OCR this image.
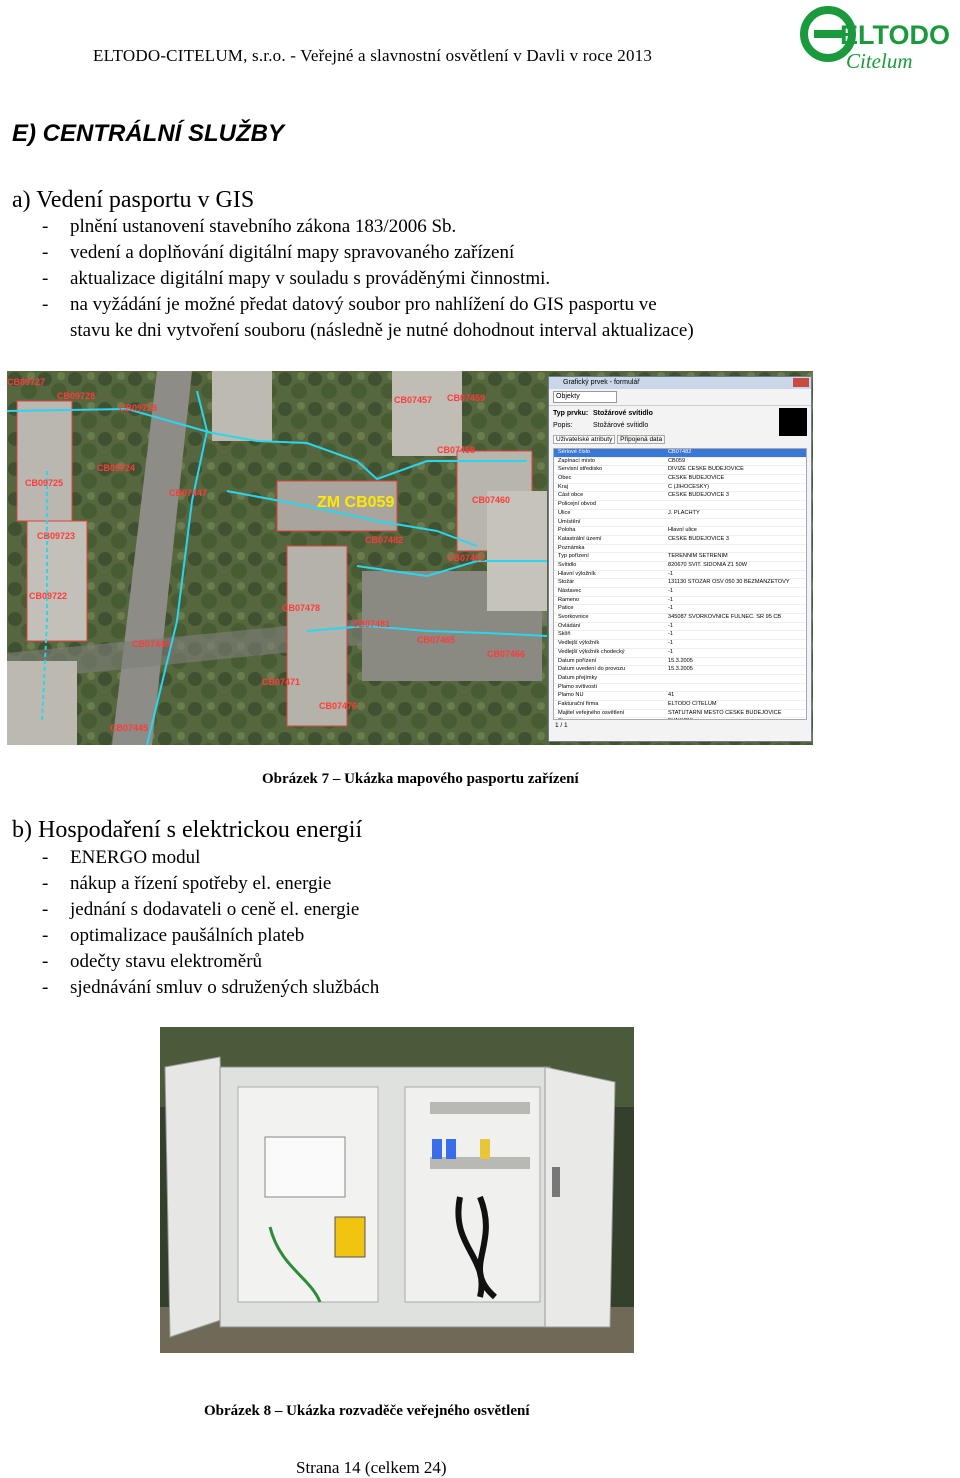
ELTODO-CITELUM, s.r.o. - Veřejné a slavnostní osvětlení v Davli v roce 2013
ELTODO
Citelum
E) CENTRÁLNÍ SLUŽBY
a) Vedení pasportu v GIS
- plnění ustanovení stavebního zákona 183/2006 Sb.
- vedení a doplňování digitální mapy spravovaného zařízení
- aktualizace digitální mapy v souladu s prováděnými činnostmi.
- na vyžádání je možné předat datový soubor pro nahlížení do GIS pasportu ve
stavu ke dni vytvoření souboru (následně je nutné dohodnout interval aktualizace)
CB09727
CB09728
CB09729
CB07457
CB07458
CB07459
CB07460
CB07461
CB07482
CB07478
CB07481
CB07465
CB07466
CB07446
CB07447
CB07471
CB07476
CB07445
CB09725
CB09724
CB09723
CB09722
ZM CB059
Grafický prvek - formulář
Objekty
Typ prvku: Stožárové svítidlo
Popis:	Stožárové svítidlo
Uživatelské atributy Připojená data
Sériové číslo	CB07482
Zapínací místo	CB059
Servisní středisko	DIVIZE ČESKÉ BUDĚJOVICE
Obec	ČESKÉ BUDĚJOVICE
Kraj	C (JIHOČESKÝ)
Část obce	ČESKÉ BUDĚJOVICE 3
Policejní obvod
Ulice	J. PLACHTY
Umístění
Poloha	Hlavní ulice
Katastrální území	ČESKÉ BUDĚJOVICE 3
Poznámka
Typ pořízení	TERENNÍM ŠETŘENÍM
Svítidlo	820670 SVIT. SIDONIA Z1 50W
Hlavní výložník	-1
Stožár	131130 STOZAR OSV 050 30 BEZMANZETOVY
Nástavec	-1
Rameno	-1
Patice	-1
Svorkovnice	345087 SVORKOVNICE FULNEC. SR 95 CB
Ovládání	-1
Sklíň	-1
Vedlejší výložník	-1
Vedlejší výložník chodecký	-1
Datum pořízení	15.3.2005
Datum uvedení do provozu	15.3.2005
Datum přejímky
Plamo svítivosti
Plamo NU	41
Fakturační firma	ELTODO CITELUM
Majitel veřejného osvětlení	STATUTÁRNÍ MĚSTO ČESKÉ BUDĚJOVICE
1 / 1
Obrázek 7 – Ukázka mapového pasportu zařízení
b) Hospodaření s elektrickou energií
- ENERGO modul
- nákup a řízení spotřeby el. energie
- jednání s dodavateli o ceně el. energie
- optimalizace paušálních plateb
- odečty stavu elektroměrů
- sjednávání smluv o sdružených službách
Obrázek 8 – Ukázka rozvaděče veřejného osvětlení
Strana 14 (celkem 24)
